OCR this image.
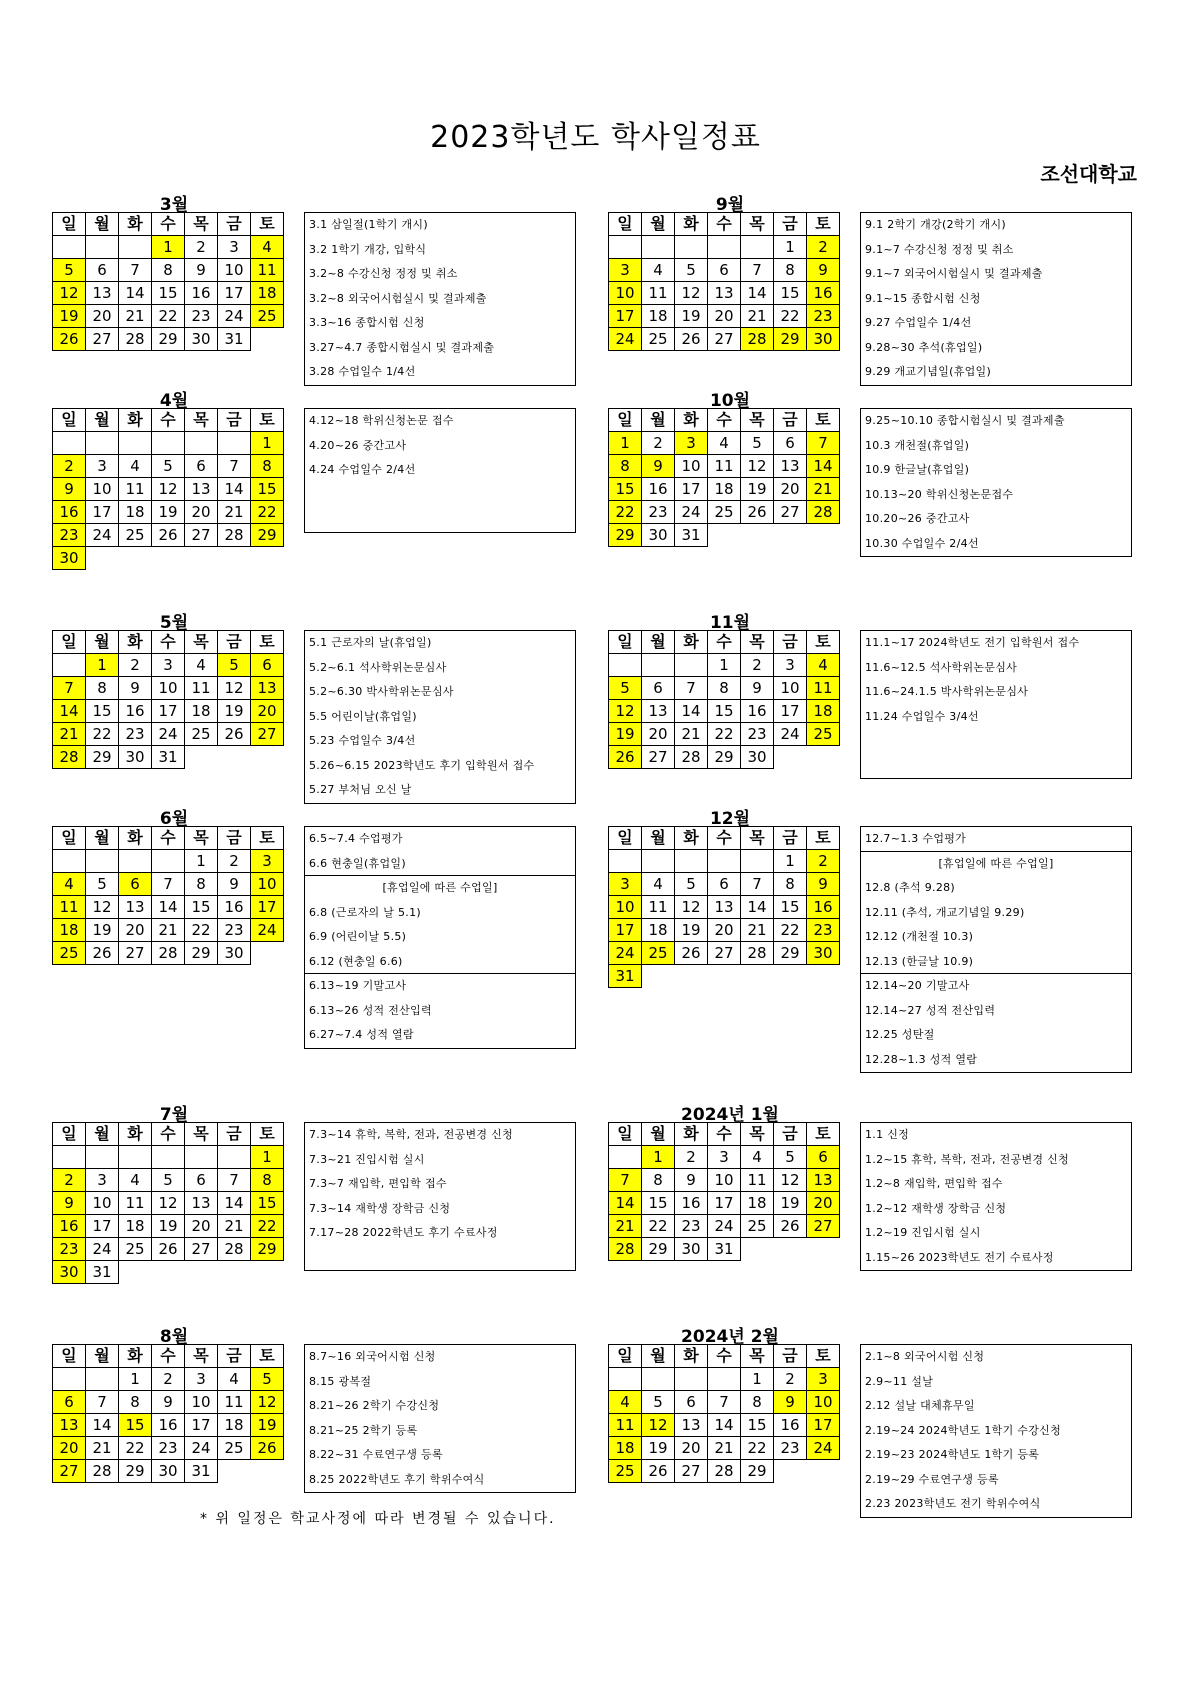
2023학년도 학사일정표
조선대학교
3월
일	월	화	수	목	금	토
			1	2	3	4
5	6	7	8	9	10	11
12	13	14	15	16	17	18
19	20	21	22	23	24	25
26	27	28	29	30	31	
3.1 삼일절(1학기 개시)
3.2 1학기 개강, 입학식
3.2~8 수강신청 정정 및 취소
3.2~8 외국어시험실시 및 결과제출
3.3~16 종합시험 신청
3.27~4.7 종합시험실시 및 결과제출
3.28 수업일수 1/4선
9월
일	월	화	수	목	금	토
					1	2
3	4	5	6	7	8	9
10	11	12	13	14	15	16
17	18	19	20	21	22	23
24	25	26	27	28	29	30
9.1 2학기 개강(2학기 개시)
9.1~7 수강신청 정정 및 취소
9.1~7 외국어시험실시 및 결과제출
9.1~15 종합시험 신청
9.27 수업일수 1/4선
9.28~30 추석(휴업일)
9.29 개교기념일(휴업일)
4월
일	월	화	수	목	금	토
						1
2	3	4	5	6	7	8
9	10	11	12	13	14	15
16	17	18	19	20	21	22
23	24	25	26	27	28	29
30						
4.12~18 학위신청논문 접수
4.20~26 중간고사
4.24 수업일수 2/4선
10월
일	월	화	수	목	금	토
1	2	3	4	5	6	7
8	9	10	11	12	13	14
15	16	17	18	19	20	21
22	23	24	25	26	27	28
29	30	31				
9.25~10.10 종합시험실시 및 결과제출
10.3 개천절(휴업일)
10.9 한글날(휴업일)
10.13~20 학위신청논문접수
10.20~26 중간고사
10.30 수업일수 2/4선
5월
일	월	화	수	목	금	토
	1	2	3	4	5	6
7	8	9	10	11	12	13
14	15	16	17	18	19	20
21	22	23	24	25	26	27
28	29	30	31			
5.1 근로자의 날(휴업일)
5.2~6.1 석사학위논문심사
5.2~6.30 박사학위논문심사
5.5 어린이날(휴업일)
5.23 수업일수 3/4선
5.26~6.15 2023학년도 후기 입학원서 접수
5.27 부처님 오신 날
11월
일	월	화	수	목	금	토
			1	2	3	4
5	6	7	8	9	10	11
12	13	14	15	16	17	18
19	20	21	22	23	24	25
26	27	28	29	30		
11.1~17 2024학년도 전기 입학원서 접수
11.6~12.5 석사학위논문심사
11.6~24.1.5 박사학위논문심사
11.24 수업일수 3/4선
6월
일	월	화	수	목	금	토
				1	2	3
4	5	6	7	8	9	10
11	12	13	14	15	16	17
18	19	20	21	22	23	24
25	26	27	28	29	30	
6.5~7.4 수업평가
6.6 현충일(휴업일)
[휴업일에 따른 수업일]
6.8 (근로자의 날 5.1)
6.9 (어린이날 5.5)
6.12 (현충일 6.6)
6.13~19 기말고사
6.13~26 성적 전산입력
6.27~7.4 성적 열람
12월
일	월	화	수	목	금	토
					1	2
3	4	5	6	7	8	9
10	11	12	13	14	15	16
17	18	19	20	21	22	23
24	25	26	27	28	29	30
31						
12.7~1.3 수업평가
[휴업일에 따른 수업일]
12.8 (추석 9.28)
12.11 (추석, 개교기념일 9.29)
12.12 (개천절 10.3)
12.13 (한글날 10.9)
12.14~20 기말고사
12.14~27 성적 전산입력
12.25 성탄절
12.28~1.3 성적 열람
7월
일	월	화	수	목	금	토
						1
2	3	4	5	6	7	8
9	10	11	12	13	14	15
16	17	18	19	20	21	22
23	24	25	26	27	28	29
30	31					
7.3~14 휴학, 복학, 전과, 전공변경 신청
7.3~21 진입시험 실시
7.3~7 재입학, 편입학 접수
7.3~14 재학생 장학금 신청
7.17~28 2022학년도 후기 수료사정
2024년 1월
일	월	화	수	목	금	토
	1	2	3	4	5	6
7	8	9	10	11	12	13
14	15	16	17	18	19	20
21	22	23	24	25	26	27
28	29	30	31			
1.1 신정
1.2~15 휴학, 복학, 전과, 전공변경 신청
1.2~8 재입학, 편입학 접수
1.2~12 재학생 장학금 신청
1.2~19 진입시험 실시
1.15~26 2023학년도 전기 수료사정
8월
일	월	화	수	목	금	토
		1	2	3	4	5
6	7	8	9	10	11	12
13	14	15	16	17	18	19
20	21	22	23	24	25	26
27	28	29	30	31		
8.7~16 외국어시험 신청
8.15 광복절
8.21~26 2학기 수강신청
8.21~25 2학기 등록
8.22~31 수료연구생 등록
8.25 2022학년도 후기 학위수여식
2024년 2월
일	월	화	수	목	금	토
				1	2	3
4	5	6	7	8	9	10
11	12	13	14	15	16	17
18	19	20	21	22	23	24
25	26	27	28	29		
2.1~8 외국어시험 신청
2.9~11 설날
2.12 설날 대체휴무일
2.19~24 2024학년도 1학기 수강신청
2.19~23 2024학년도 1학기 등록
2.19~29 수료연구생 등록
2.23 2023학년도 전기 학위수여식
* 위 일정은 학교사정에 따라 변경될 수 있습니다.
